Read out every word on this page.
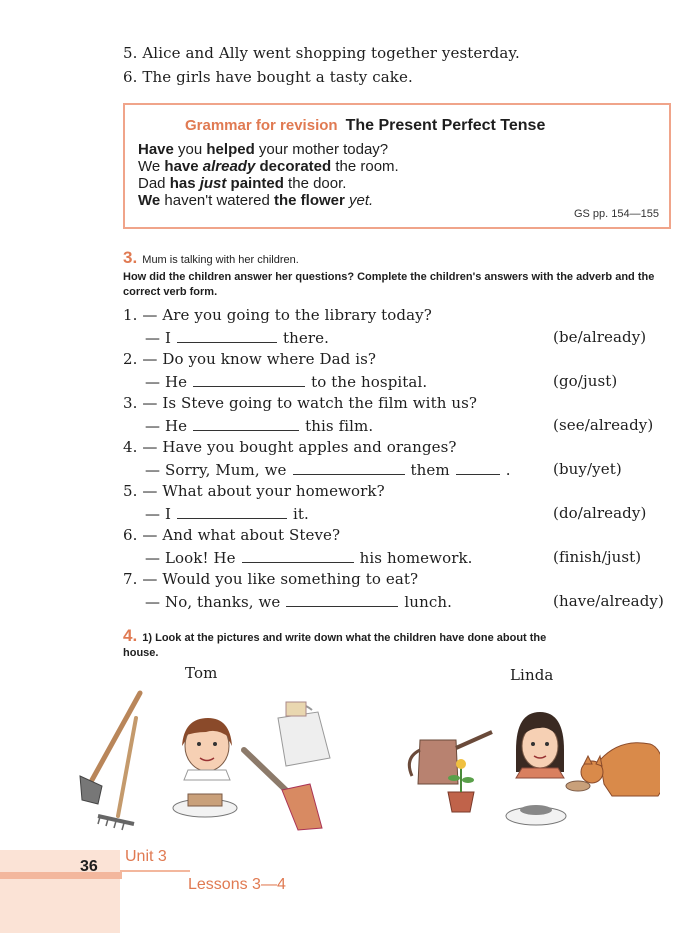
5. Alice and Ally went shopping together yesterday.
6. The girls have bought a tasty cake.
Grammar for revision The Present Perfect Tense
Have you helped your mother today?
We have already decorated the room.
Dad has just painted the door.
We haven't watered the flower yet.
GS pp. 154—155
3. Mum is talking with her children.
How did the children answer her questions? Complete the children's answers with the adverb and the correct verb form.
1. — Are you going to the library today?
— I	there.	(be/already)
2. — Do you know where Dad is?
— He	to the hospital.	(go/just)
3. — Is Steve going to watch the film with us?
— He	this film.	(see/already)
4. — Have you bought apples and oranges?
— Sorry, Mum, we	them	.	(buy/yet)
5. — What about your homework?
— I	it.	(do/already)
6. — And what about Steve?
— Look! He	his homework.	(finish/just)
7. — Would you like something to eat?
— No, thanks, we	lunch.	(have/already)
4. 1) Look at the pictures and write down what the children have done about the
house.
Tom	Linda
36
Unit 3
Lessons 3—4
